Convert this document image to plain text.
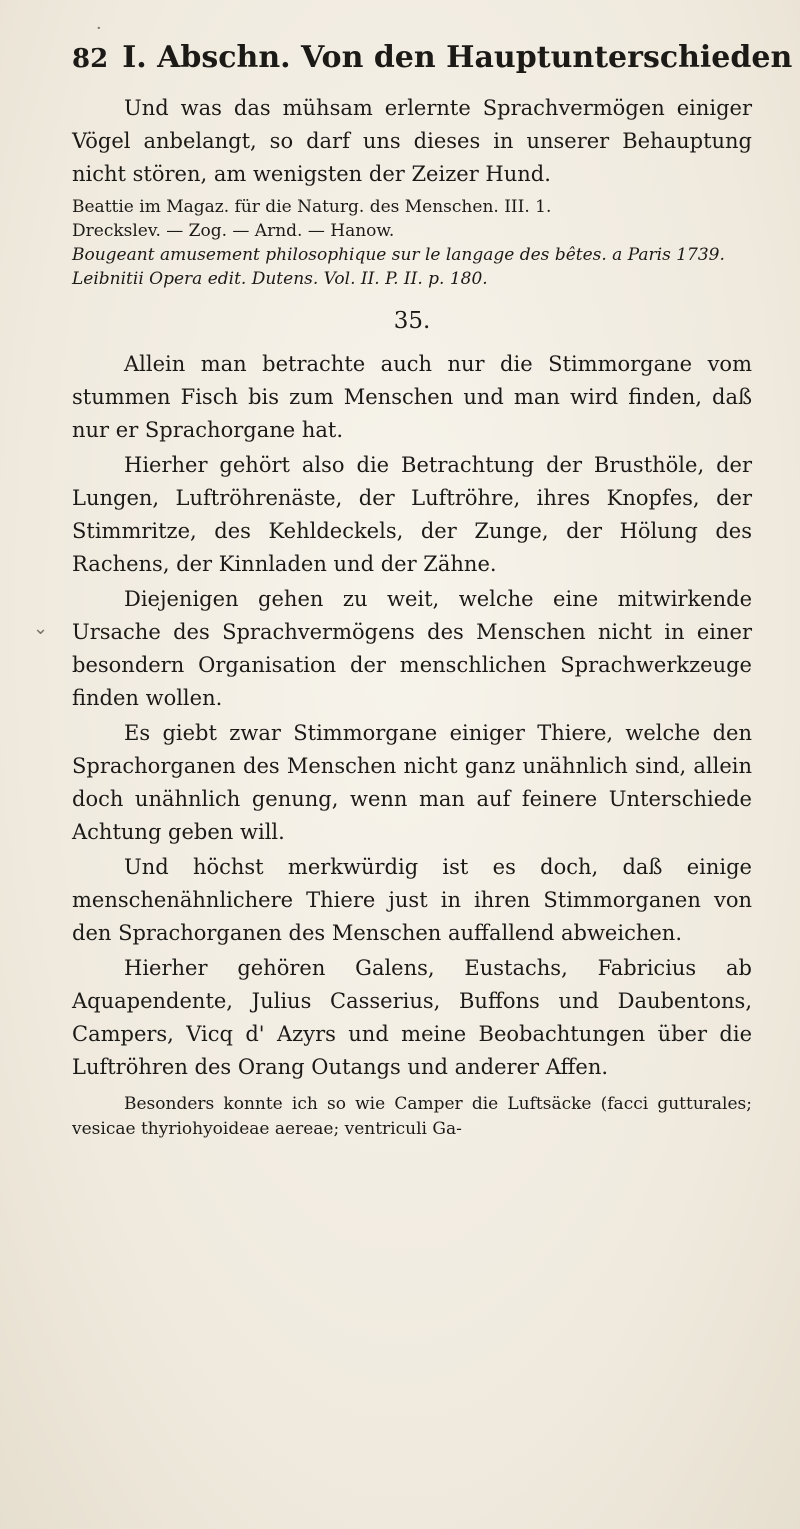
·
⌄
82 I. Abschn. Von den Hauptunterschieden

Und was das mühsam erlernte Sprachvermögen einiger Vögel anbelangt, so darf uns dieses in unserer Behauptung nicht stören, am wenigsten der Zeizer Hund.

Beattie im Magaz. für die Naturg. des Menschen. III. 1.
Dreckslev. — Zog. — Arnd. — Hanow.
Bougeant amusement philosophique sur le langage des bêtes. a Paris 1739.
Leibnitii Opera edit. Dutens. Vol. II. P. II. p. 180.
35.

Allein man betrachte auch nur die Stimmorgane vom stummen Fisch bis zum Menschen und man wird finden, daß nur er Sprachorgane hat.

Hierher gehört also die Betrachtung der Brusthöle, der Lungen, Luftröhrenäste, der Luftröhre, ihres Knopfes, der Stimmritze, des Kehldeckels, der Zunge, der Hölung des Rachens, der Kinnladen und der Zähne.

Diejenigen gehen zu weit, welche eine mitwirkende Ursache des Sprachvermögens des Menschen nicht in einer besondern Organisation der menschlichen Sprachwerkzeuge finden wollen.

Es giebt zwar Stimmorgane einiger Thiere, welche den Sprachorganen des Menschen nicht ganz unähnlich sind, allein doch unähnlich genung, wenn man auf feinere Unterschiede Achtung geben will.

Und höchst merkwürdig ist es doch, daß einige menschenähnlichere Thiere just in ihren Stimmorganen von den Sprachorganen des Menschen auffallend abweichen.

Hierher gehören Galens, Eustachs, Fabricius ab Aquapendente, Julius Casserius, Buffons und Daubentons, Campers, Vicq d' Azyrs und meine Beobachtungen über die Luftröhren des Orang Outangs und anderer Affen.

Besonders konnte ich so wie Camper die Luftsäcke (facci gutturales; vesicae thyriohyoideae aereae; ventriculi Ga-
